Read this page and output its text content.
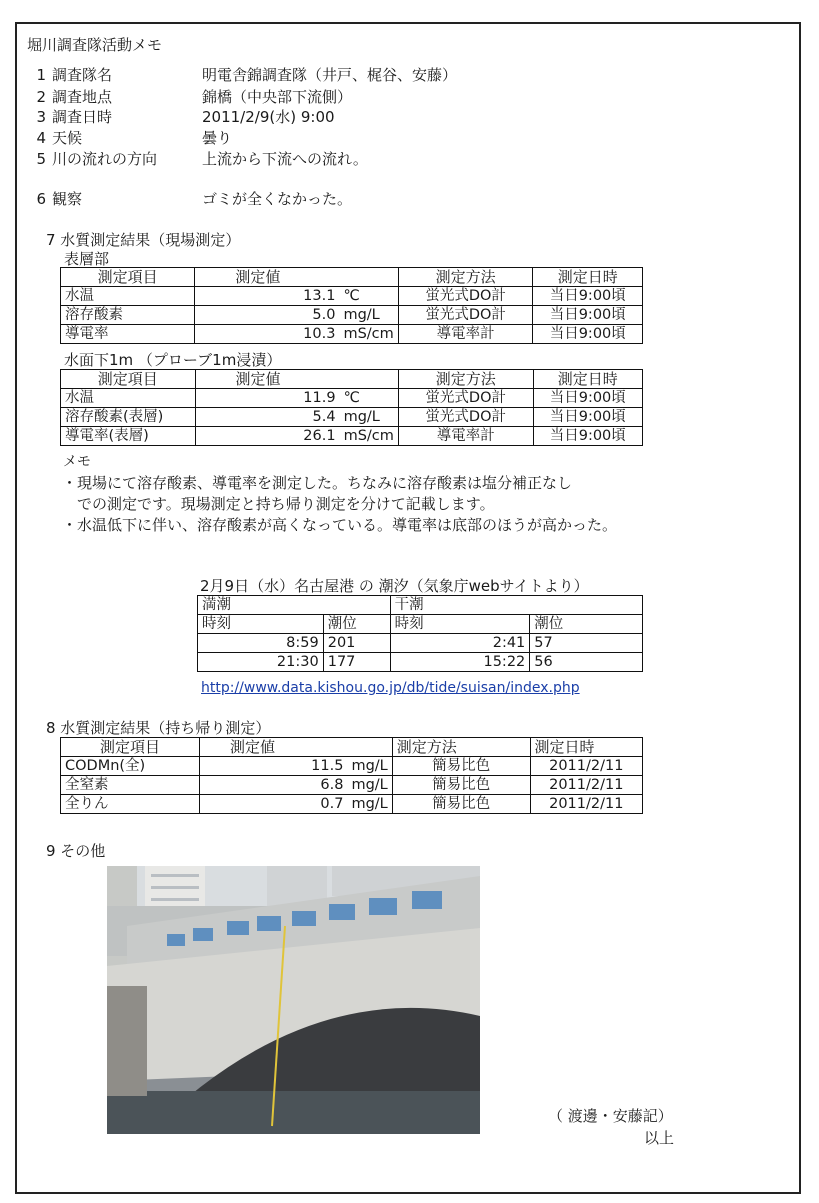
堀川調査隊活動メモ
1 調査隊名	明電舎錦調査隊（井戸、梶谷、安藤）
2 調査地点	錦橋（中央部下流側）
3 調査日時	2011/2/9(水) 9:00
4 天候	曇り
5 川の流れの方向	上流から下流への流れ。
6 観察	ゴミが全くなかった。
7 水質測定結果（現場測定）
表層部
測定項目	測定値		測定方法	測定日時
水温	13.1	℃	蛍光式DO計	当日9:00頃
溶存酸素	5.0	mg/L	蛍光式DO計	当日9:00頃
導電率	10.3	mS/cm	導電率計	当日9:00頃
水面下1m （プローブ1m浸漬）
測定項目	測定値		測定方法	測定日時
水温	11.9	℃	蛍光式DO計	当日9:00頃
溶存酸素(表層)	5.4	mg/L	蛍光式DO計	当日9:00頃
導電率(表層)	26.1	mS/cm	導電率計	当日9:00頃
メモ
・現場にて溶存酸素、導電率を測定した。ちなみに溶存酸素は塩分補正なし
での測定です。現場測定と持ち帰り測定を分けて記載します。
・水温低下に伴い、溶存酸素が高くなっている。導電率は底部のほうが高かった。
2月9日（水）名古屋港 の 潮汐（気象庁webサイトより）
満潮		干潮	
時刻	潮位	時刻	潮位
8:59	201	2:41	57
21:30	177	15:22	56
http://www.data.kishou.go.jp/db/tide/suisan/index.php
8 水質測定結果（持ち帰り測定）
測定項目	測定値		測定方法	測定日時
CODMn(全)	11.5	mg/L	簡易比色	2011/2/11
全窒素	6.8	mg/L	簡易比色	2011/2/11
全りん	0.7	mg/L	簡易比色	2011/2/11
9 その他
（ 渡邊・安藤記）
以上
